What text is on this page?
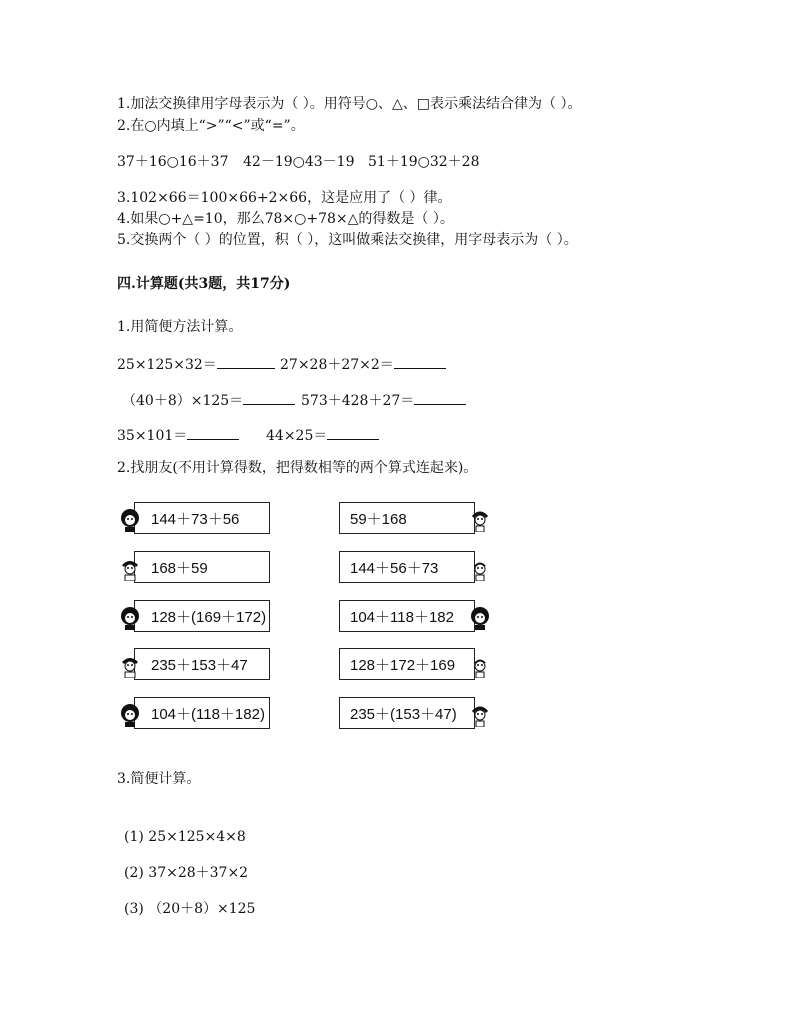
1.加法交换律用字母表示为（ ）。用符号○、△、□表示乘法结合律为（ ）。
2.在○内填上“>”“<”或“=”。
37＋16○16＋37 42－19○43－19 51＋19○32＋28
3.102×66＝100×66+2×66，这是应用了（ ）律。
4.如果○+△=10，那么78×○+78×△的得数是（ ）。
5.交换两个（ ）的位置，积（ ），这叫做乘法交换律，用字母表示为（ ）。
四.计算题(共3题，共17分)
1.用简便方法计算。
25×125×32＝	27×28＋27×2＝
（40＋8）×125＝	573＋428＋27＝
35×101＝	44×25＝
2.找朋友(不用计算得数，把得数相等的两个算式连起来)。
144＋73＋56
168＋59
128＋(169＋172)
235＋153＋47
104＋(118＋182)
59＋168
144＋56＋73
104＋118＋182
128＋172＋169
235＋(153＋47)
3.简便计算。
(1) 25×125×4×8
(2) 37×28＋37×2
(3) （20＋8）×125
